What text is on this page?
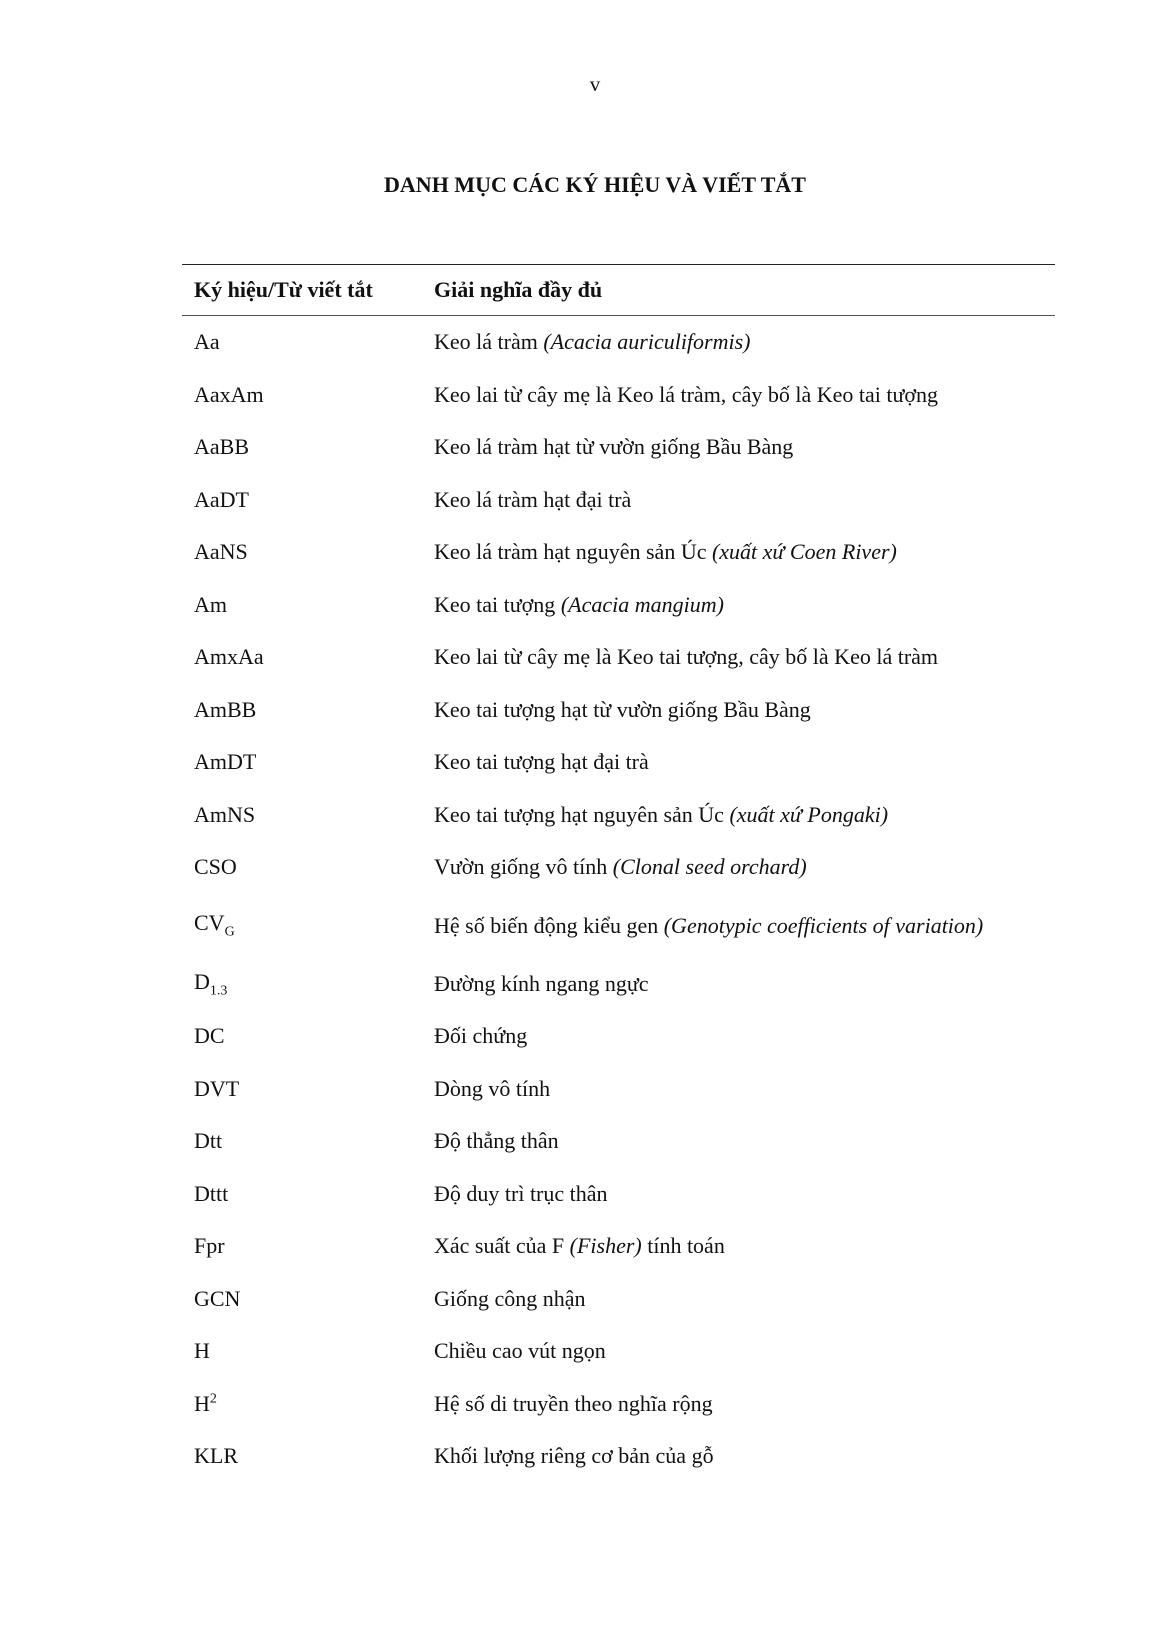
v
DANH MỤC CÁC KÝ HIỆU VÀ VIẾT TẮT
Ký hiệu/Từ viết tắt	Giải nghĩa đầy đủ
Aa	Keo lá tràm (Acacia auriculiformis)
AaxAm	Keo lai từ cây mẹ là Keo lá tràm, cây bố là Keo tai tượng
AaBB	Keo lá tràm hạt từ vườn giống Bầu Bàng
AaDT	Keo lá tràm hạt đại trà
AaNS	Keo lá tràm hạt nguyên sản Úc (xuất xứ Coen River)
Am	Keo tai tượng (Acacia mangium)
AmxAa	Keo lai từ cây mẹ là Keo tai tượng, cây bố là Keo lá tràm
AmBB	Keo tai tượng hạt từ vườn giống Bầu Bàng
AmDT	Keo tai tượng hạt đại trà
AmNS	Keo tai tượng hạt nguyên sản Úc (xuất xứ Pongaki)
CSO	Vườn giống vô tính (Clonal seed orchard)
$CV_G$	Hệ số biến động kiểu gen (Genotypic coefficients of variation)
$D_{1.3}$	Đường kính ngang ngực
DC	Đối chứng
DVT	Dòng vô tính
Dtt	Độ thẳng thân
Dttt	Độ duy trì trục thân
Fpr	Xác suất của F (Fisher) tính toán
GCN	Giống công nhận
H	Chiều cao vút ngọn
$H^2$	Hệ số di truyền theo nghĩa rộng
KLR	Khối lượng riêng cơ bản của gỗ
